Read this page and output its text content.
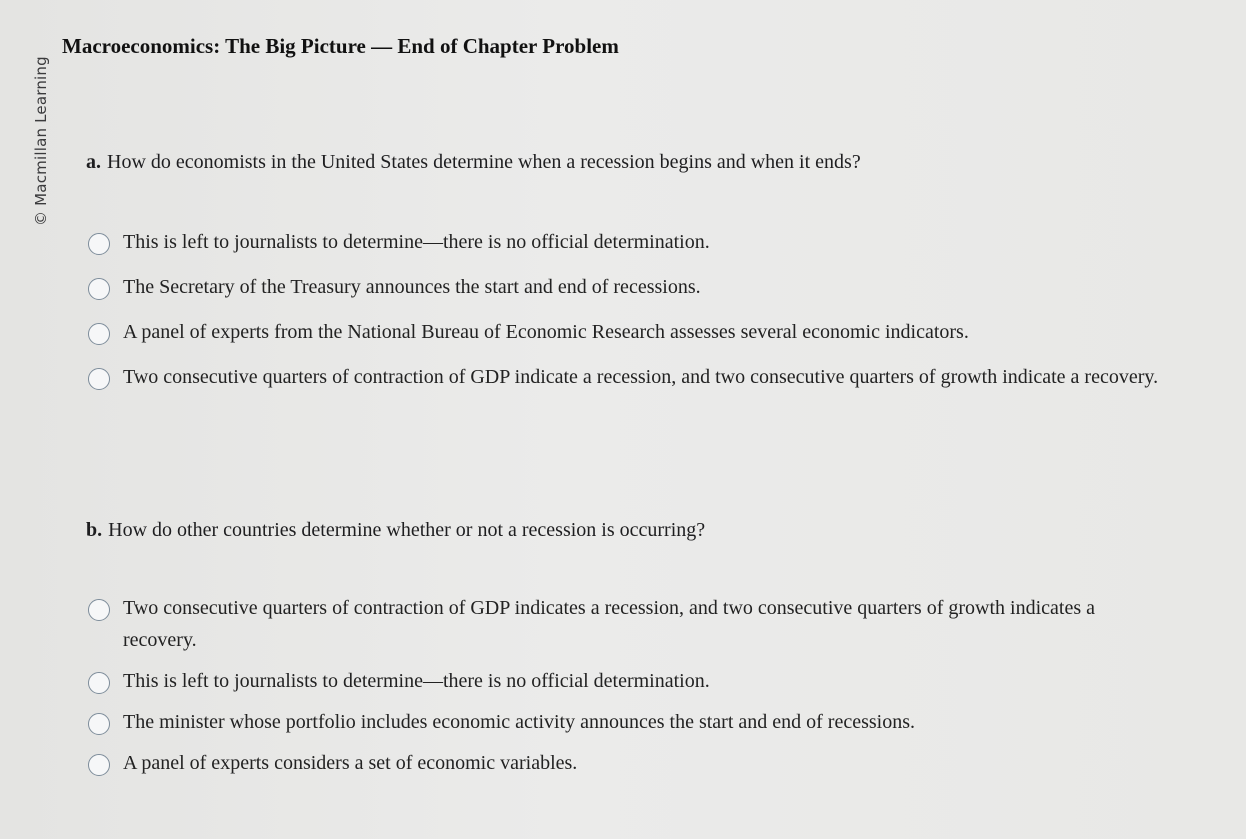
© Macmillan Learning
Macroeconomics: The Big Picture — End of Chapter Problem
a. How do economists in the United States determine when a recession begins and when it ends?
This is left to journalists to determine—there is no official determination.
The Secretary of the Treasury announces the start and end of recessions.
A panel of experts from the National Bureau of Economic Research assesses several economic indicators.
Two consecutive quarters of contraction of GDP indicate a recession, and two consecutive quarters of growth indicate a recovery.
b. How do other countries determine whether or not a recession is occurring?
Two consecutive quarters of contraction of GDP indicates a recession, and two consecutive quarters of growth indicates a recovery.
This is left to journalists to determine—there is no official determination.
The minister whose portfolio includes economic activity announces the start and end of recessions.
A panel of experts considers a set of economic variables.
